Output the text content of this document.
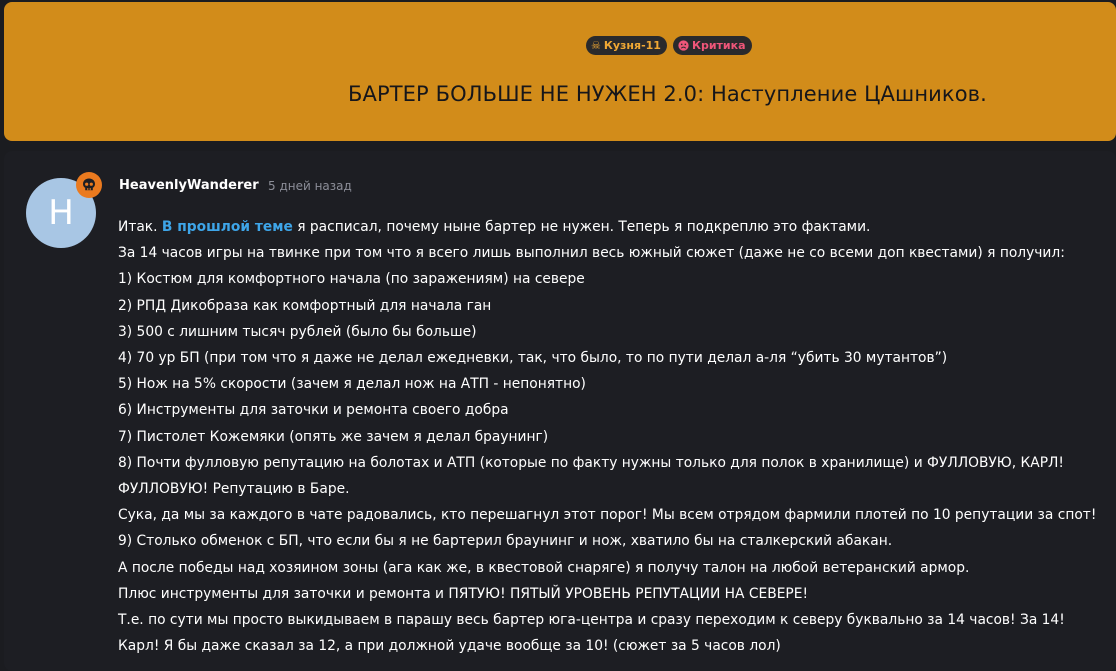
☠ Кузня-11	Критика
БАРТЕР БОЛЬШЕ НЕ НУЖЕН 2.0: Наступление ЦАшников.
H
HeavenlyWanderer 5 дней назад

Итак. В прошлой теме я расписал, почему ныне бартер не нужен. Теперь я подкреплю это фактами.

За 14 часов игры на твинке при том что я всего лишь выполнил весь южный сюжет (даже не со всеми доп квестами) я получил:

1) Костюм для комфортного начала (по заражениям) на севере

2) РПД Дикобраза как комфортный для начала ган

3) 500 с лишним тысяч рублей (было бы больше)

4) 70 ур БП (при том что я даже не делал ежедневки, так, что было, то по пути делал а-ля “убить 30 мутантов”)

5) Нож на 5% скорости (зачем я делал нож на АТП - непонятно)

6) Инструменты для заточки и ремонта своего добра

7) Пистолет Кожемяки (опять же зачем я делал браунинг)

8) Почти фулловую репутацию на болотах и АТП (которые по факту нужны только для полок в хранилище) и ФУЛЛОВУЮ, КАРЛ! ФУЛЛОВУЮ! Репутацию в Баре.

Сука, да мы за каждого в чате радовались, кто перешагнул этот порог! Мы всем отрядом фармили плотей по 10 репутации за спот!

9) Столько обменок с БП, что если бы я не бартерил браунинг и нож, хватило бы на сталкерский абакан.

А после победы над хозяином зоны (ага как же, в квестовой снаряге) я получу талон на любой ветеранский армор.

Плюс инструменты для заточки и ремонта и ПЯТУЮ! ПЯТЫЙ УРОВЕНЬ РЕПУТАЦИИ НА СЕВЕРЕ!

Т.е. по сути мы просто выкидываем в парашу весь бартер юга-центра и сразу переходим к северу буквально за 14 часов! За 14! Карл! Я бы даже сказал за 12, а при должной удаче вообще за 10! (сюжет за 5 часов лол)
